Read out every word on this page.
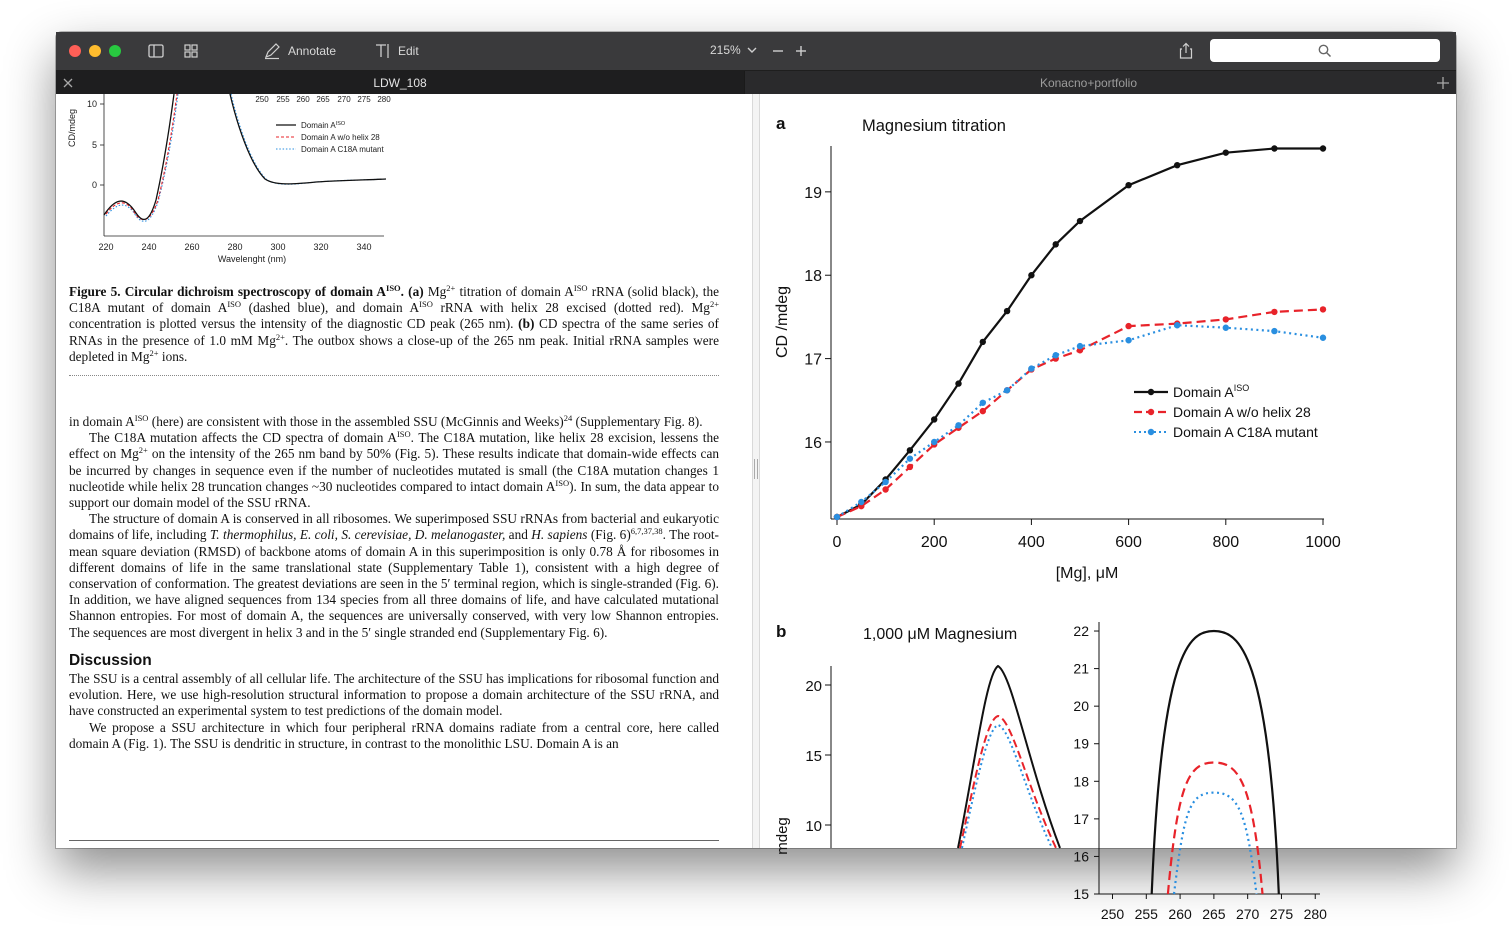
Annotate	Edit	215%
LDW_108	Konacno+portfolio
CD/mdeg
10
5
0
220	240	260	280	300	320	340
Wavelenght (nm)
250 255 260 265 270 275 280
Domain $A^{ISO}$
Domain A w/o helix 28
Domain A C18A mutant
Figure 5. Circular dichroism spectroscopy of domain $A^{ISO}$. (a) $Mg^{2+}$ titration of domain $A^{ISO}$ rRNA (solid black), the C18A mutant of domain $A^{ISO}$ (dashed blue), and domain $A^{ISO}$ rRNA with helix 28 excised (dotted red). $Mg^{2+}$ concentration is plotted versus the intensity of the diagnostic CD peak (265 nm). (b) CD spectra of the same series of RNAs in the presence of 1.0 mM $Mg^{2+}$. The outbox shows a close-up of the 265 nm peak. Initial rRNA samples were depleted in $Mg^{2+}$ ions.

in domain $A^{ISO}$ (here) are consistent with those in the assembled SSU (McGinnis and Weeks)$^{24}$ (Supplementary Fig. 8).

The C18A mutation affects the CD spectra of domain $A^{ISO}$. The C18A mutation, like helix 28 excision, lessens the effect on $Mg^{2+}$ on the intensity of the 265 nm band by 50% (Fig. 5). These results indicate that domain-wide effects can be incurred by changes in sequence even if the number of nucleotides mutated is small (the C18A mutation changes 1 nucleotide while helix 28 truncation changes ~30 nucleotides compared to intact domain $A^{ISO}$). In sum, the data appear to support our domain model of the SSU rRNA.

The structure of domain A is conserved in all ribosomes. We superimposed SSU rRNAs from bacterial and eukaryotic domains of life, including T. thermophilus, E. coli, S. cerevisiae, D. melanogaster, and H. sapiens (Fig. 6)$^{6,7,37,38}$. The root-mean square deviation (RMSD) of backbone atoms of domain A in this superimposition is only 0.78 Å for ribosomes in different domains of life in the same translational state (Supplementary Table 1), consistent with a high degree of conservation of conformation. The greatest deviations are seen in the 5′ terminal region, which is single-stranded (Fig. 6). In addition, we have aligned sequences from 134 species from all three domains of life, and have calculated mutational Shannon entropies. For most of domain A, the sequences are universally conserved, with very low Shannon entropies. The sequences are most divergent in helix 3 and in the 5′ single stranded end (Supplementary Fig. 6).

Discussion

The SSU is a central assembly of all cellular life. The architecture of the SSU has implications for ribosomal function and evolution. Here, we use high-resolution structural information to propose a domain architecture of the SSU rRNA, and have constructed an experimental system to test predictions of the domain model.

We propose a SSU architecture in which four peripheral rRNA domains radiate from a central core, here called domain A (Fig. 1). The SSU is dendritic in structure, in contrast to the monolithic LSU. Domain A is an

a	Magnesium titration
CD /mdeg
[Mg], μM
0	200	400	600	800	1000
16
17
18
19
Domain $A^{ISO}$
Domain A w/o helix 28
Domain A C18A mutant
b	1,000 μM Magnesium
mdeg 10
15
20
250 255 260 265 270 275 280
15
16
17
18
19
20
21
22
